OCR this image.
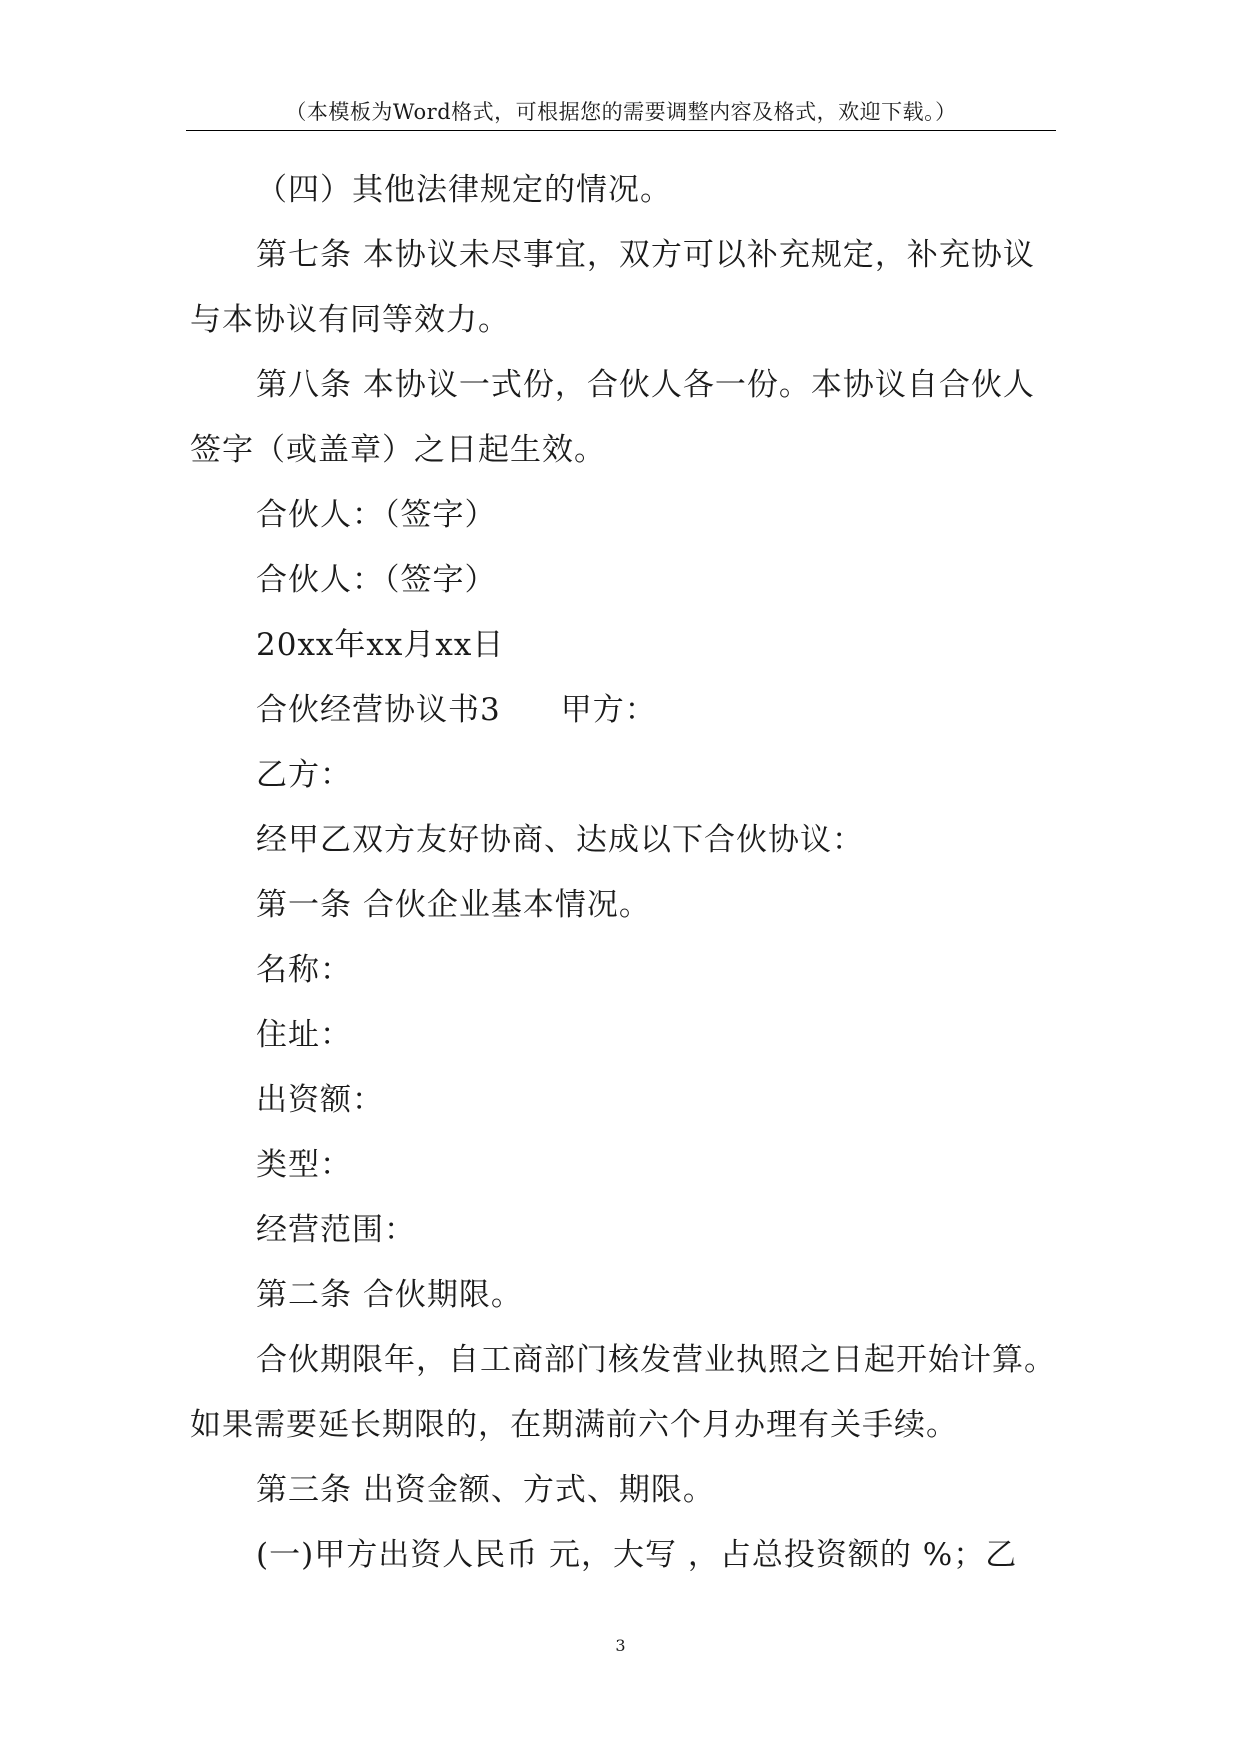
（本模板为Word格式，可根据您的需要调整内容及格式，欢迎下载。）

（四）其他法律规定的情况。

第七条 本协议未尽事宜，双方可以补充规定，补充协议

与本协议有同等效力。

第八条 本协议一式份，合伙人各一份。本协议自合伙人

签字（或盖章）之日起生效。

合伙人：（签字）

合伙人：（签字）

20xx年xx月xx日

合伙经营协议书3 甲方：

乙方：

经甲乙双方友好协商、达成以下合伙协议：

第一条 合伙企业基本情况。

名称：

住址：

出资额：

类型：

经营范围：

第二条 合伙期限。

合伙期限年，自工商部门核发营业执照之日起开始计算。

如果需要延长期限的，在期满前六个月办理有关手续。

第三条 出资金额、方式、期限。

(一)甲方出资人民币 元，大写 ，占总投资额的 %；乙

3
